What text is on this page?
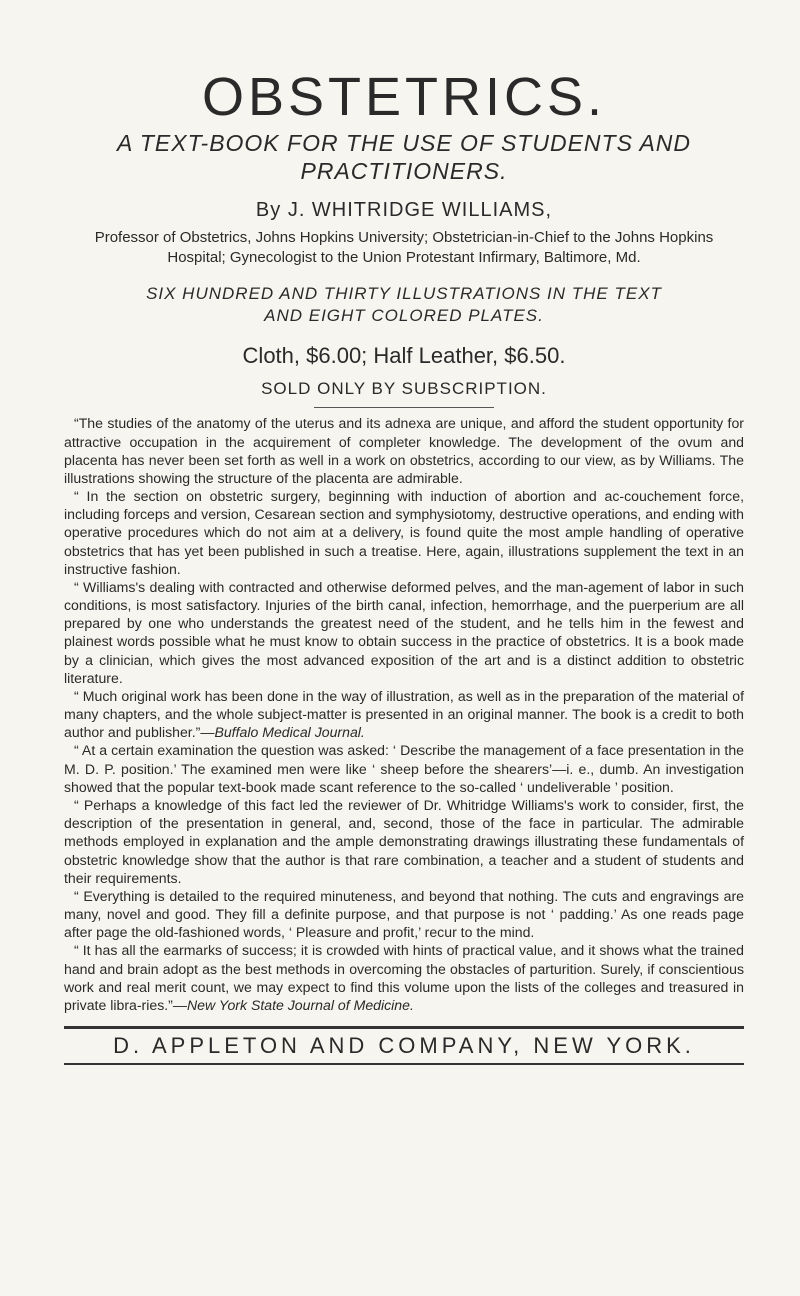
OBSTETRICS.
A TEXT-BOOK FOR THE USE OF STUDENTS AND
PRACTITIONERS.
By J. WHITRIDGE WILLIAMS,
Professor of Obstetrics, Johns Hopkins University; Obstetrician-in-Chief to the Johns Hopkins Hospital; Gynecologist to the Union Protestant Infirmary, Baltimore, Md.
SIX HUNDRED AND THIRTY ILLUSTRATIONS IN THE TEXT
AND EIGHT COLORED PLATES.
Cloth, $6.00; Half Leather, $6.50.
SOLD ONLY BY SUBSCRIPTION.

“The studies of the anatomy of the uterus and its adnexa are unique, and afford the student opportunity for attractive occupation in the acquirement of completer knowledge. The development of the ovum and placenta has never been set forth as well in a work on obstetrics, according to our view, as by Williams. The illustrations showing the structure of the placenta are admirable.

“ In the section on obstetric surgery, beginning with induction of abortion and ac-couchement force, including forceps and version, Cesarean section and symphysiotomy, destructive operations, and ending with operative procedures which do not aim at a delivery, is found quite the most ample handling of operative obstetrics that has yet been published in such a treatise. Here, again, illustrations supplement the text in an instructive fashion.

“ Williams's dealing with contracted and otherwise deformed pelves, and the man-agement of labor in such conditions, is most satisfactory. Injuries of the birth canal, infection, hemorrhage, and the puerperium are all prepared by one who understands the greatest need of the student, and he tells him in the fewest and plainest words possible what he must know to obtain success in the practice of obstetrics. It is a book made by a clinician, which gives the most advanced exposition of the art and is a distinct addition to obstetric literature.

“ Much original work has been done in the way of illustration, as well as in the preparation of the material of many chapters, and the whole subject-matter is presented in an original manner. The book is a credit to both author and publisher.”—Buffalo Medical Journal.

“ At a certain examination the question was asked: ‘ Describe the management of a face presentation in the M. D. P. position.’ The examined men were like ‘ sheep before the shearers’—i. e., dumb. An investigation showed that the popular text-book made scant reference to the so-called ‘ undeliverable ’ position.

“ Perhaps a knowledge of this fact led the reviewer of Dr. Whitridge Williams's work to consider, first, the description of the presentation in general, and, second, those of the face in particular. The admirable methods employed in explanation and the ample demonstrating drawings illustrating these fundamentals of obstetric knowledge show that the author is that rare combination, a teacher and a student of students and their requirements.

“ Everything is detailed to the required minuteness, and beyond that nothing. The cuts and engravings are many, novel and good. They fill a definite purpose, and that purpose is not ‘ padding.’ As one reads page after page the old-fashioned words, ‘ Pleasure and profit,’ recur to the mind.

“ It has all the earmarks of success; it is crowded with hints of practical value, and it shows what the trained hand and brain adopt as the best methods in overcoming the obstacles of parturition. Surely, if conscientious work and real merit count, we may expect to find this volume upon the lists of the colleges and treasured in private libra-ries.”—New York State Journal of Medicine.

D. APPLETON AND COMPANY, NEW YORK.
